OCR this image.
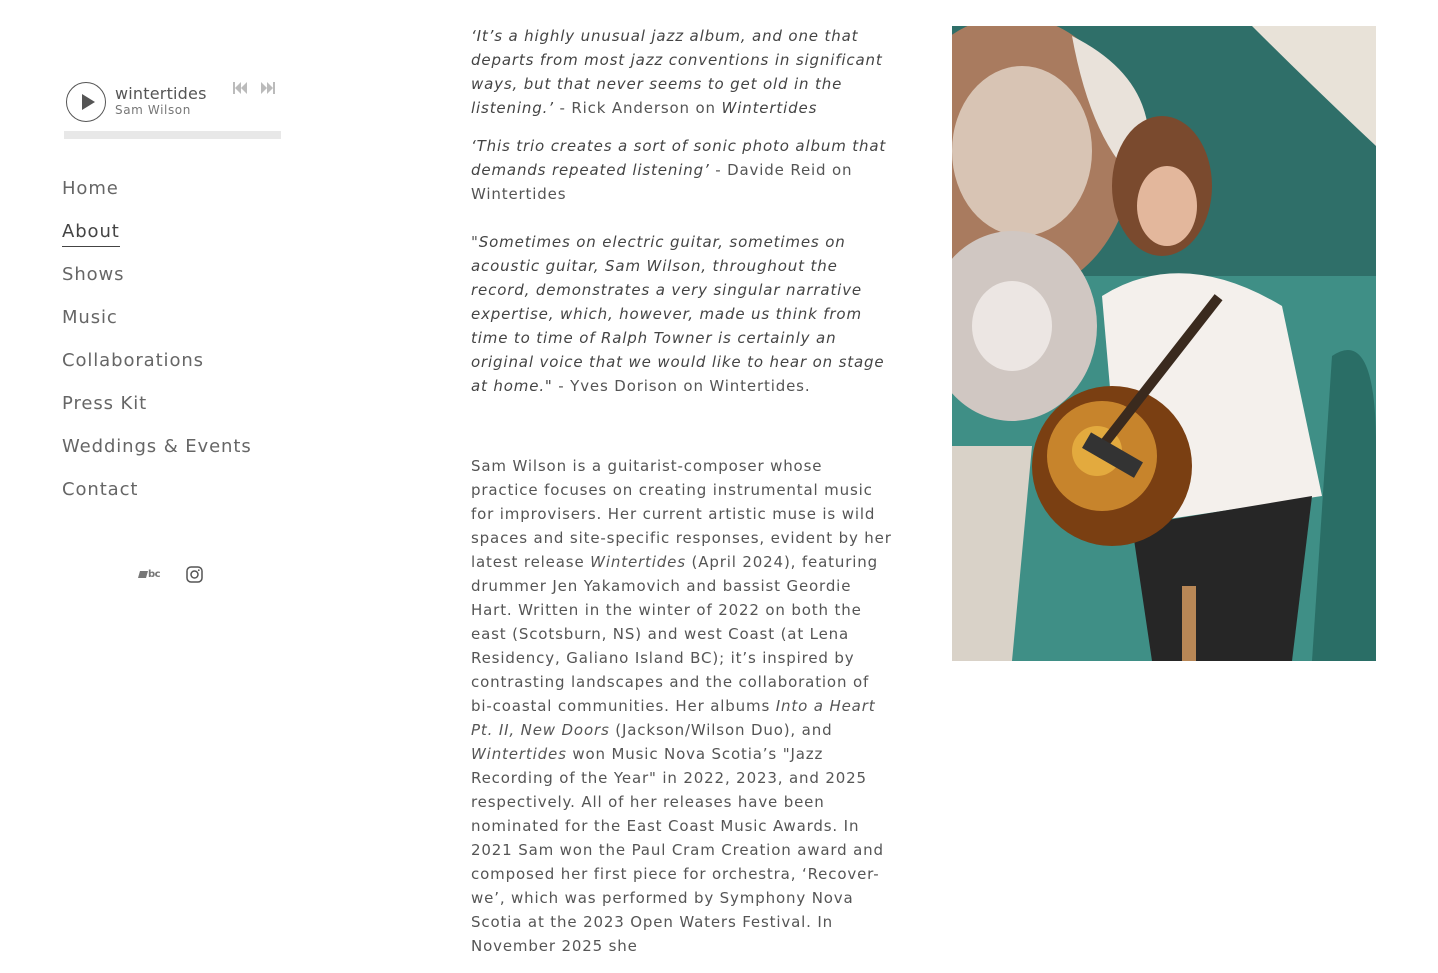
wintertides
Sam Wilson
Home
About
Shows
Music
Collaborations
Press Kit
Weddings & Events
Contact
bc

‘It’s a highly unusual jazz album, and one that departs from most jazz conventions in significant ways, but that never seems to get old in the listening.’ - Rick Anderson on Wintertides

‘This trio creates a sort of sonic photo album that demands repeated listening’ - Davide Reid on Wintertides

"Sometimes on electric guitar, sometimes on acoustic guitar, Sam Wilson, throughout the record, demonstrates a very singular narrative expertise, which, however, made us think from time to time of Ralph Towner is certainly an original voice that we would like to hear on stage at home." - Yves Dorison on Wintertides.

Sam Wilson is a guitarist-composer whose practice focuses on creating instrumental music for improvisers. Her current artistic muse is wild spaces and site-specific responses, evident by her latest release Wintertides (April 2024), featuring drummer Jen Yakamovich and bassist Geordie Hart. Written in the winter of 2022 on both the east (Scotsburn, NS) and west Coast (at Lena Residency, Galiano Island BC); it’s inspired by contrasting landscapes and the collaboration of bi-coastal communities. Her albums Into a Heart Pt. II, New Doors (Jackson/Wilson Duo), and Wintertides won Music Nova Scotia’s "Jazz Recording of the Year" in 2022, 2023, and 2025 respectively. All of her releases have been nominated for the East Coast Music Awards. In 2021 Sam won the Paul Cram Creation award and composed her first piece for orchestra, ‘Recover-we’, which was performed by Symphony Nova Scotia at the 2023 Open Waters Festival. In November 2025 she
